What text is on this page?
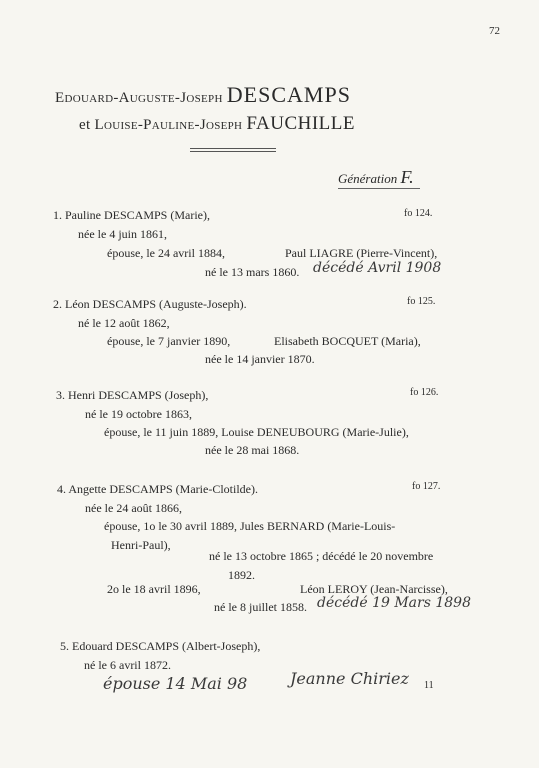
72
Edouard-Auguste-Joseph DESCAMPS
et Louise-Pauline-Joseph FAUCHILLE
Génération F.
1. Pauline DESCAMPS (Marie),	fo 124.
née le 4 juin 1861,
épouse, le 24 avril 1884,	Paul LIAGRE (Pierre-Vincent),
né le 13 mars 1860. décédé Avril 1908
2. Léon DESCAMPS (Auguste-Joseph).	fo 125.
né le 12 août 1862,
épouse, le 7 janvier 1890,	Elisabeth BOCQUET (Maria),
née le 14 janvier 1870.
3. Henri DESCAMPS (Joseph),	fo 126.
né le 19 octobre 1863,
épouse, le 11 juin 1889, Louise DENEUBOURG (Marie-Julie),
née le 28 mai 1868.
4. Angette DESCAMPS (Marie-Clotilde).	fo 127.
née le 24 août 1866,
épouse, 1o le 30 avril 1889, Jules BERNARD (Marie-Louis-
Henri-Paul),
né le 13 octobre 1865 ; décédé le 20 novembre
1892.
2o le 18 avril 1896,	Léon LEROY (Jean-Narcisse),
né le 8 juillet 1858. décédé 19 Mars 1898
5. Edouard DESCAMPS (Albert-Joseph),
né le 6 avril 1872.
épouse 14 Mai 98	Jeanne Chiriez 11
